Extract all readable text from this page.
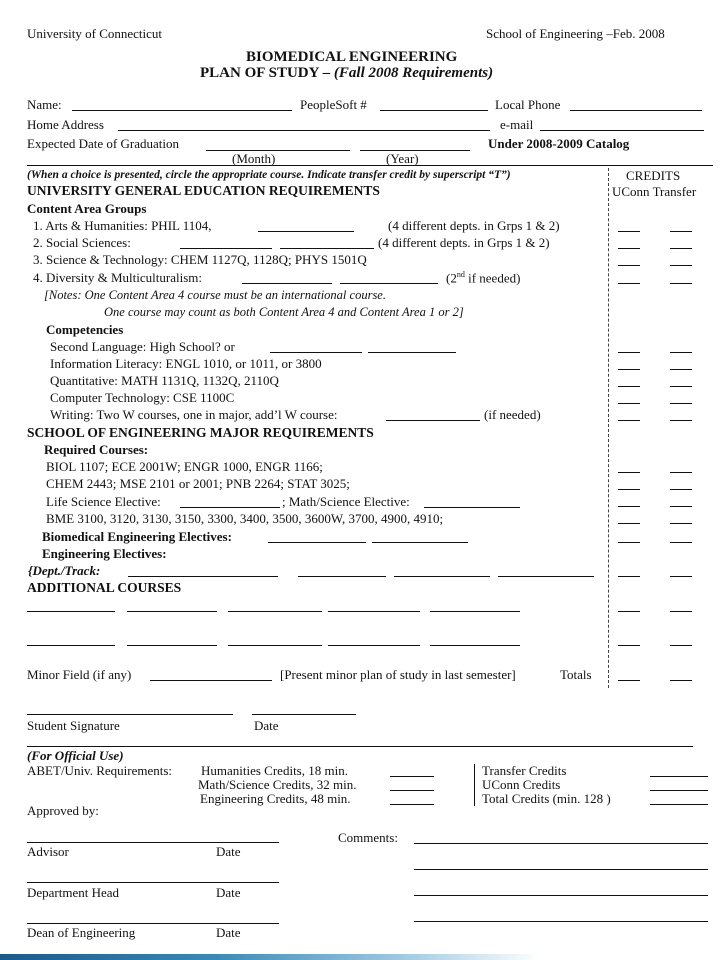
University of Connecticut	School of Engineering –Feb. 2008
BIOMEDICAL ENGINEERING
PLAN OF STUDY – (Fall 2008 Requirements)
Name:	PeopleSoft #	Local Phone
Home Address	e-mail
Expected Date of Graduation	Under 2008-2009 Catalog
(Month)	(Year)
(When a choice is presented, circle the appropriate course. Indicate transfer credit by superscript “T”)	CREDITS
UConn Transfer
UNIVERSITY GENERAL EDUCATION REQUIREMENTS
Content Area Groups
1. Arts & Humanities: PHIL 1104,	(4 different depts. in Grps 1 & 2)
2. Social Sciences:	(4 different depts. in Grps 1 & 2)
3. Science & Technology: CHEM 1127Q, 1128Q; PHYS 1501Q
4. Diversity & Multiculturalism:	(2nd if needed)
[Notes: One Content Area 4 course must be an international course.
One course may count as both Content Area 4 and Content Area 1 or 2]
Competencies
Second Language: High School? or
Information Literacy: ENGL 1010, or 1011, or 3800
Quantitative: MATH 1131Q, 1132Q, 2110Q
Computer Technology: CSE 1100C
Writing: Two W courses, one in major, add’l W course:	(if needed)
SCHOOL OF ENGINEERING MAJOR REQUIREMENTS
Required Courses:
BIOL 1107; ECE 2001W; ENGR 1000, ENGR 1166;
CHEM 2443; MSE 2101 or 2001; PNB 2264; STAT 3025;
Life Science Elective:	; Math/Science Elective:
BME 3100, 3120, 3130, 3150, 3300, 3400, 3500, 3600W, 3700, 4900, 4910;
Biomedical Engineering Electives:
Engineering Electives:
{Dept./Track:
ADDITIONAL COURSES
Minor Field (if any)	[Present minor plan of study in last semester]	Totals
Student Signature	Date
(For Official Use)
ABET/Univ. Requirements: Humanities Credits, 18 min.
Math/Science Credits, 32 min.
Engineering Credits, 48 min.
Transfer Credits
UConn Credits
Total Credits (min. 128 )
Approved by:
Comments:
Advisor	Date
Department Head	Date
Dean of Engineering	Date
